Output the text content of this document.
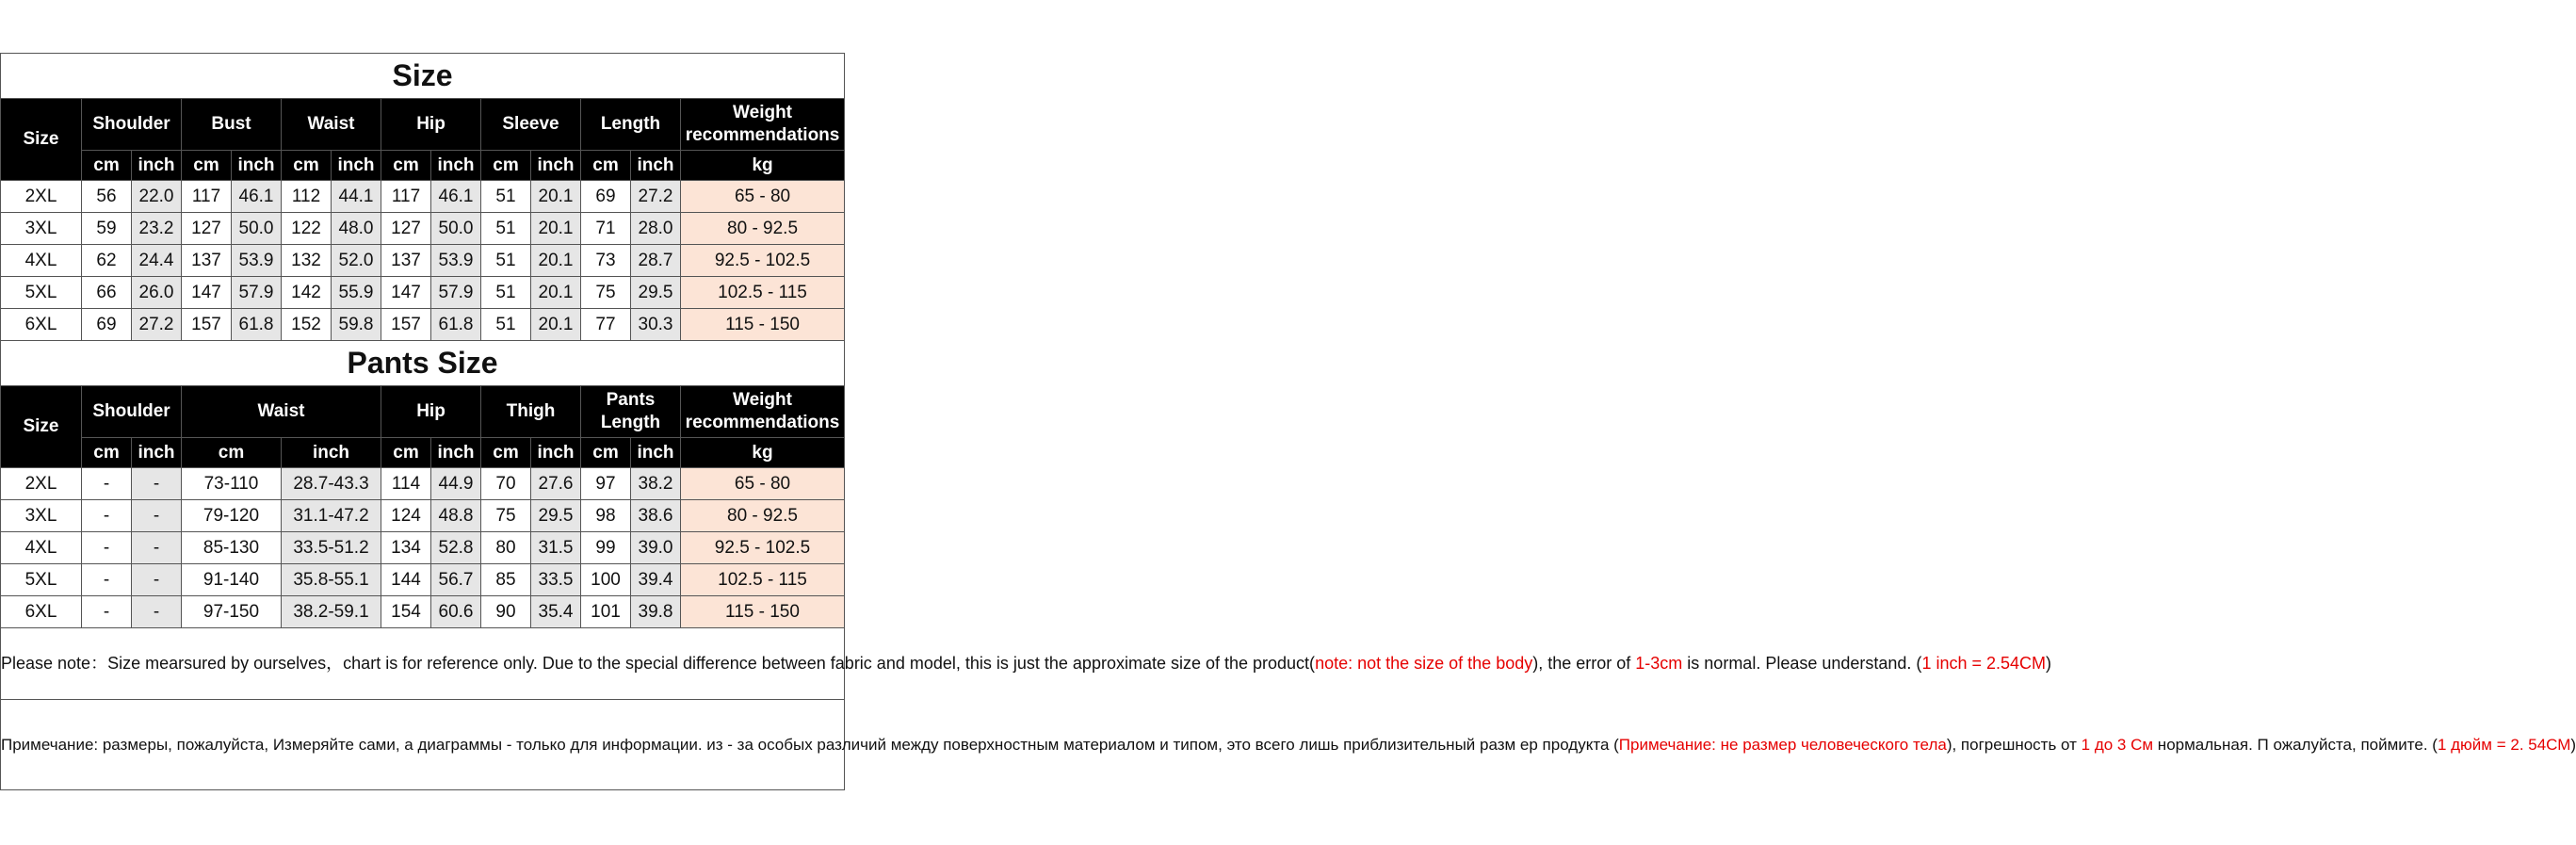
Size													
Size	Shoulder		Bust		Waist		Hip		Sleeve		Length		Weight
recommendations
	cm	inch	cm	inch	cm	inch	cm	inch	cm	inch	cm	inch	kg
2XL	56	22.0	117	46.1	112	44.1	117	46.1	51	20.1	69	27.2	65 - 80
3XL	59	23.2	127	50.0	122	48.0	127	50.0	51	20.1	71	28.0	80 - 92.5
4XL	62	24.4	137	53.9	132	52.0	137	53.9	51	20.1	73	28.7	92.5 - 102.5
5XL	66	26.0	147	57.9	142	55.9	147	57.9	51	20.1	75	29.5	102.5 - 115
6XL	69	27.2	157	61.8	152	59.8	157	61.8	51	20.1	77	30.3	115 - 150
Pants Size											
Size	Shoulder		Waist		Hip		Thigh		Pants
Length		Weight
recommendations
	cm	inch	cm	inch	cm	inch	cm	inch	cm	inch	kg
2XL	-	-	73-110	28.7-43.3	114	44.9	70	27.6	97	38.2	65 - 80
3XL	-	-	79-120	31.1-47.2	124	48.8	75	29.5	98	38.6	80 - 92.5
4XL	-	-	85-130	33.5-51.2	134	52.8	80	31.5	99	39.0	92.5 - 102.5
5XL	-	-	91-140	35.8-55.1	144	56.7	85	33.5	100	39.4	102.5 - 115
6XL	-	-	97-150	38.2-59.1	154	60.6	90	35.4	101	39.8	115 - 150
Please note：Size mearsured by ourselves，chart is for reference only. Due to the special difference between fabric and model, this is just the approximate size of the product(note: not the size of the body), the error of 1-3cm is normal. Please understand. (1 inch = 2.54CM)											
Примечание: размеры, пожалуйста, Измеряйте сами, а диаграммы - только для информации. из - за особых различий между поверхностным материалом и типом, это всего лишь приблизительный разм ер продукта (Примечание: не размер человеческого тела), погрешность от 1 до 3 См нормальная. П ожалуйста, поймите. (1 дюйм = 2. 54СМ)											
